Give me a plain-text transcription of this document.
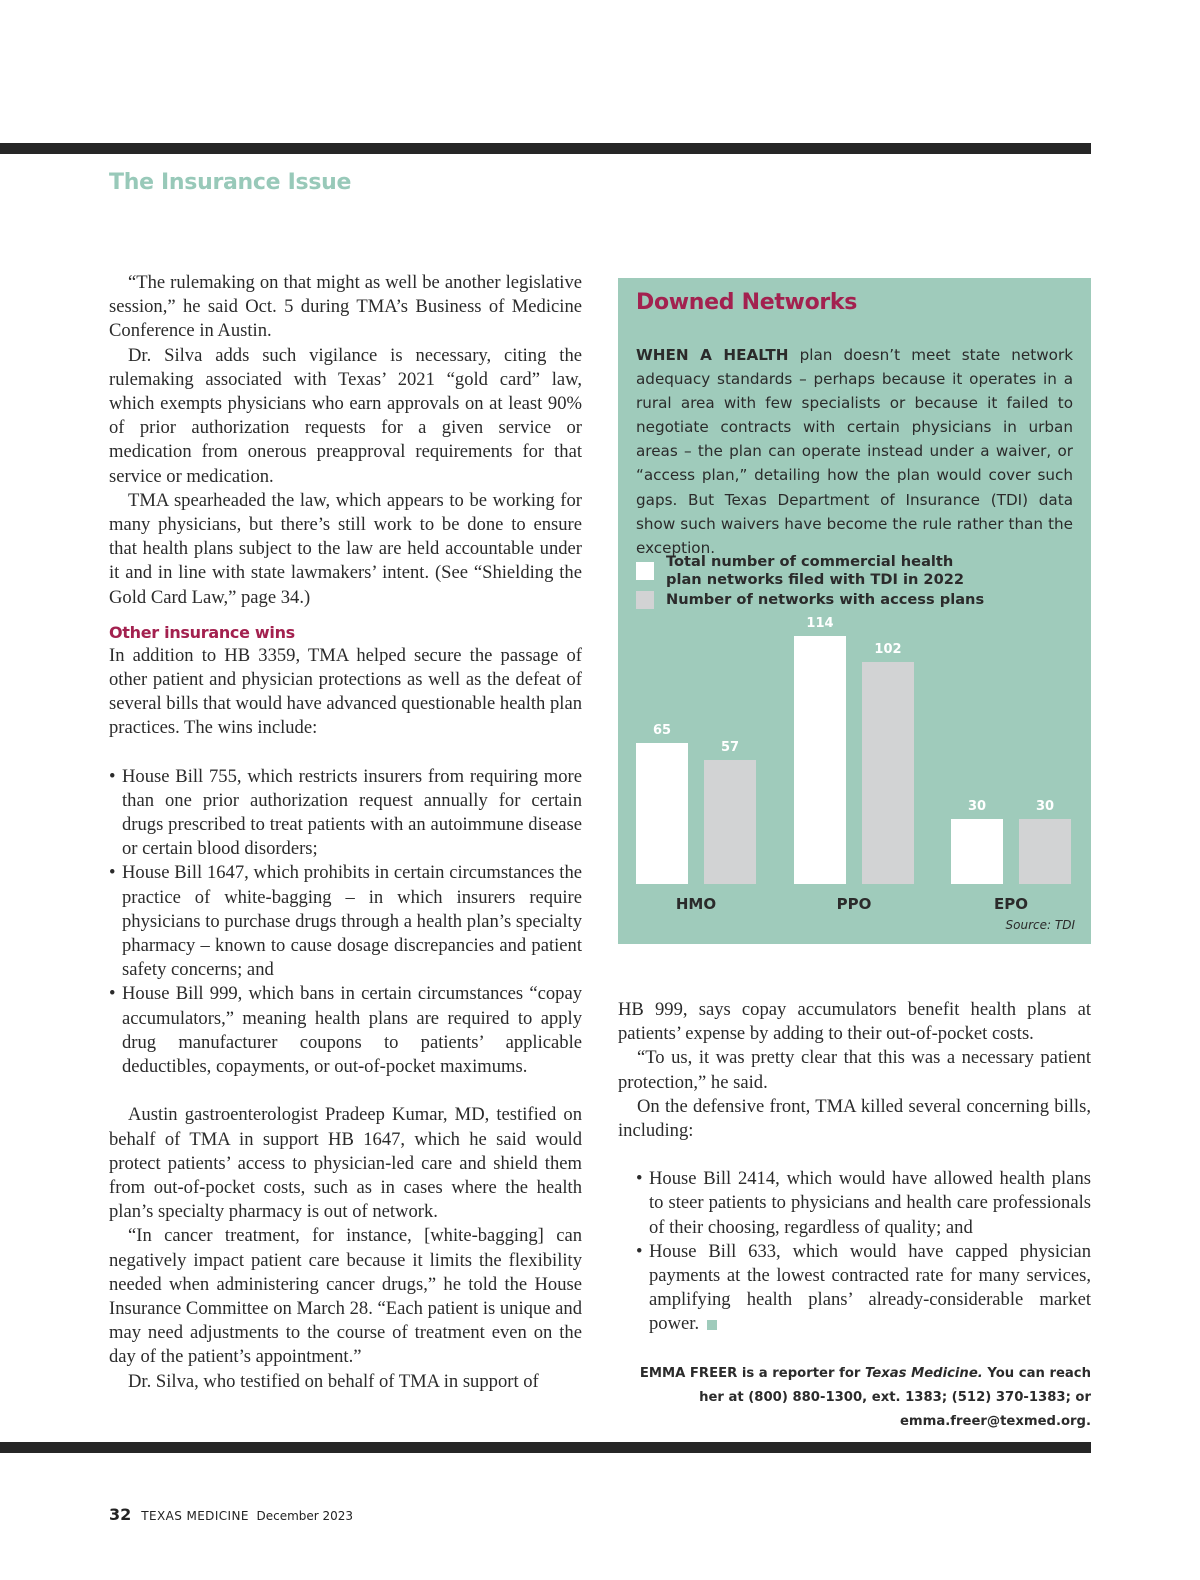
The Insurance Issue

“The rulemaking on that might as well be another legislative session,” he said Oct. 5 during TMA’s Business of Medicine Conference in Austin.

Dr. Silva adds such vigilance is necessary, citing the rulemaking associated with Texas’ 2021 “gold card” law, which exempts physicians who earn approvals on at least 90% of prior authorization requests for a given service or medication from onerous preapproval requirements for that service or medication.

TMA spearheaded the law, which appears to be working for many physicians, but there’s still work to be done to ensure that health plans subject to the law are held accountable under it and in line with state lawmakers’ intent. (See “Shielding the Gold Card Law,” page 34.)

Other insurance wins

In addition to HB 3359, TMA helped secure the passage of other patient and physician protections as well as the defeat of several bills that would have advanced questionable health plan practices. The wins include:

• House Bill 755, which restricts insurers from requiring more than one prior authorization request annually for certain drugs prescribed to treat patients with an autoimmune disease or certain blood disorders;
• House Bill 1647, which prohibits in certain circumstances the practice of white-bagging – in which insurers require physicians to purchase drugs through a health plan’s specialty pharmacy – known to cause dosage discrepancies and patient safety concerns; and
• House Bill 999, which bans in certain circumstances “copay accumulators,” meaning health plans are required to apply drug manufacturer coupons to patients’ applicable deductibles, copayments, or out-of-pocket maximums.

Austin gastroenterologist Pradeep Kumar, MD, testified on behalf of TMA in support HB 1647, which he said would protect patients’ access to physician-led care and shield them from out-of-pocket costs, such as in cases where the health plan’s specialty pharmacy is out of network.

“In cancer treatment, for instance, [white-bagging] can negatively impact patient care because it limits the flexibility needed when administering cancer drugs,” he told the House Insurance Committee on March 28. “Each patient is unique and may need adjustments to the course of treatment even on the day of the patient’s appointment.”

Dr. Silva, who testified on behalf of TMA in support of

Downed Networks

WHEN A HEALTH plan doesn’t meet state network adequacy standards – perhaps because it operates in a rural area with few specialists or because it failed to negotiate contracts with certain physicians in urban areas – the plan can operate instead under a waiver, or “access plan,” detailing how the plan would cover such gaps. But Texas Department of Insurance (TDI) data show such waivers have become the rule rather than the exception.

Total number of commercial health plan networks filed with TDI in 2022
Number of networks with access plans
Source: TDI
65
57
HMO
114
102
PPO
30	30
EPO

HB 999, says copay accumulators benefit health plans at patients’ expense by adding to their out-of-pocket costs.

“To us, it was pretty clear that this was a necessary patient protection,” he said.

On the defensive front, TMA killed several concerning bills, including:

• House Bill 2414, which would have allowed health plans to steer patients to physicians and health care professionals of their choosing, regardless of quality; and
• House Bill 633, which would have capped physician payments at the lowest contracted rate for many services, amplifying health plans’ already-considerable market power.
EMMA FREER is a reporter for Texas Medicine. You can reach her at (800) 880-1300, ext. 1383; (512) 370-1383; or emma.freer@texmed.org.
32 TEXAS MEDICINE December 2023
